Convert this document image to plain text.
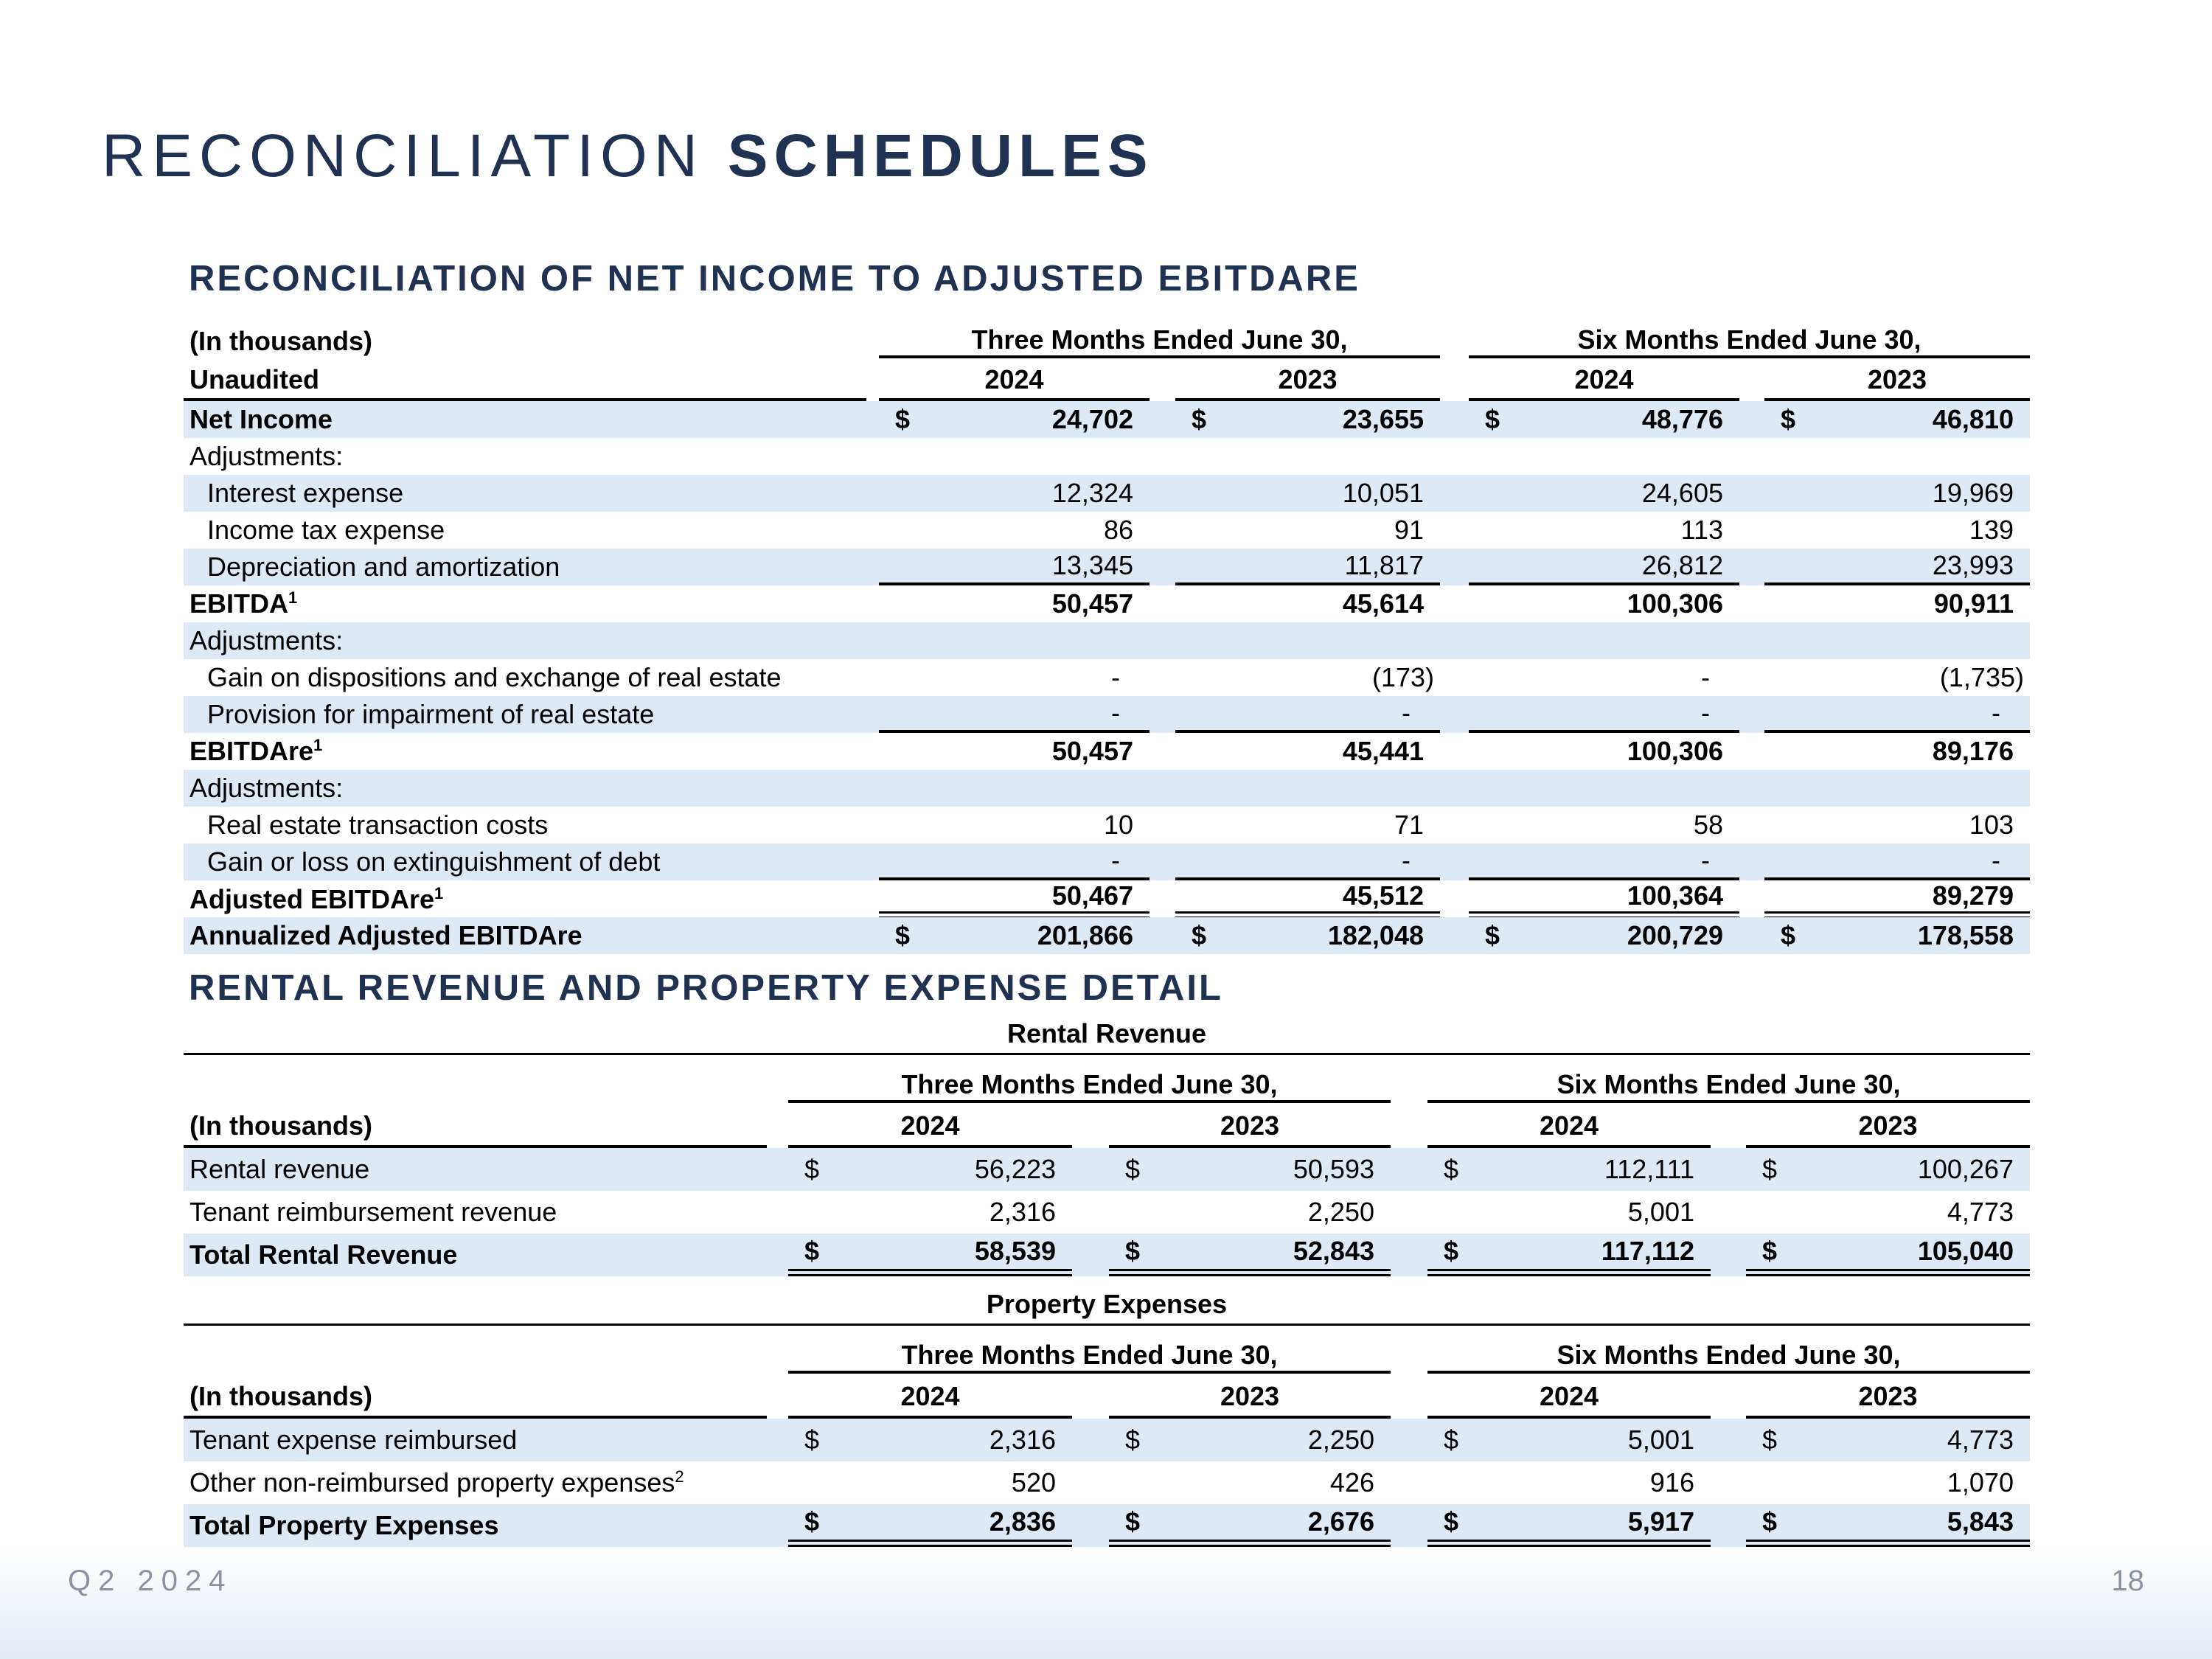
RECONCILIATION SCHEDULES
RECONCILIATION OF NET INCOME TO ADJUSTED EBITDARE
(In thousands)	Three Months Ended June 30,	Six Months Ended June 30,
Unaudited	2024	2023	2024	2023
Net Income	$	24,702 $	23,655 $	48,776 $	46,810
Adjustments:
Interest expense	12,324	10,051	24,605	19,969
Income tax expense	86	91	113	139
Depreciation and amortization	13,345	11,817	26,812	23,993
EBITDA$^1$	50,457	45,614	100,306	90,911
Adjustments:
Gain on dispositions and exchange of real estate	-	(173)	-	(1,735)
Provision for impairment of real estate	-	-	-	-
EBITDAre$^1$	50,457	45,441	100,306	89,176
Adjustments:
Real estate transaction costs	10	71	58	103
Gain or loss on extinguishment of debt	-	-	-	-
Adjusted EBITDAre$^1$	50,467	45,512	100,364	89,279
Annualized Adjusted EBITDAre	$	201,866 $	182,048 $	200,729 $	178,558
RENTAL REVENUE AND PROPERTY EXPENSE DETAIL
Rental Revenue
Three Months Ended June 30,	Six Months Ended June 30,
(In thousands)	2024	2023	2024	2023
Rental revenue	$	56,223	$	50,593	$	112,111	$	100,267
Tenant reimbursement revenue	2,316	2,250	5,001	4,773
Total Rental Revenue	$	58,539	$	52,843	$	117,112	$	105,040
Property Expenses
Three Months Ended June 30,	Six Months Ended June 30,
(In thousands)	2024	2023	2024	2023
Tenant expense reimbursed	$	2,316	$	2,250	$	5,001	$	4,773
Other non-reimbursed property expenses$^2$	520	426	916	1,070
Total Property Expenses	$	2,836	$	2,676	$	5,917	$	5,843
Q2 2024	18
